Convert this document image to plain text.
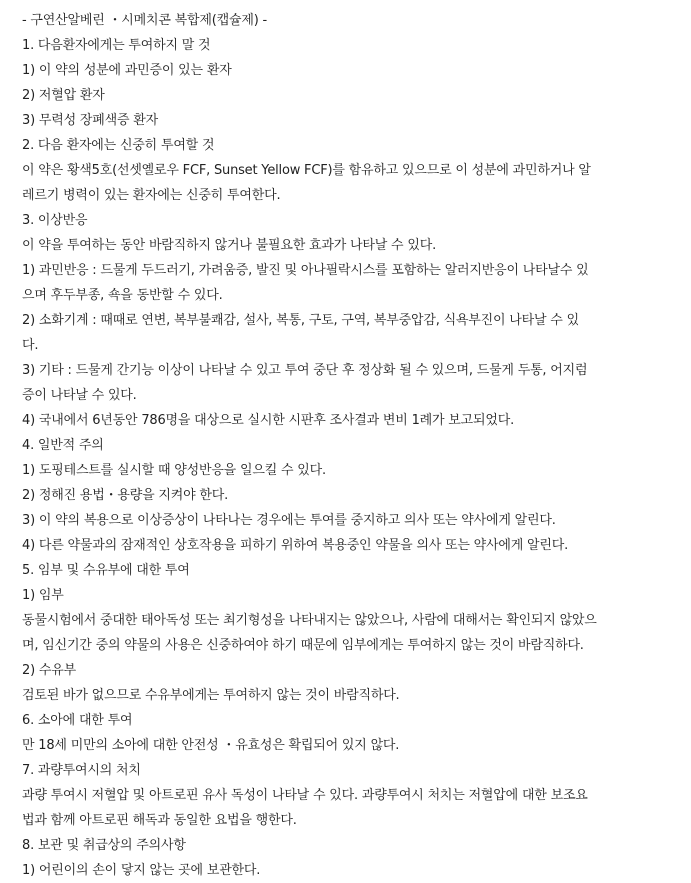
- 구연산알베린 ・시메치콘 복합제(캡슐제) -
1. 다음환자에게는 투여하지 말 것
1) 이 약의 성분에 과민증이 있는 환자
2) 저혈압 환자
3) 무력성 장폐색증 환자
2. 다음 환자에는 신중히 투여할 것
이 약은 황색5호(선셋옐로우 FCF, Sunset Yellow FCF)를 함유하고 있으므로 이 성분에 과민하거나 알
레르기 병력이 있는 환자에는 신중히 투여한다.
3. 이상반응
이 약을 투여하는 동안 바람직하지 않거나 불필요한 효과가 나타날 수 있다.
1) 과민반응 : 드물게 두드러기, 가려움증, 발진 및 아나필락시스를 포함하는 알러지반응이 나타날수 있
으며 후두부종, 쇽을 동반할 수 있다.
2) 소화기계 : 때때로 연변, 복부불쾌감, 설사, 복통, 구토, 구역, 복부중압감, 식욕부진이 나타날 수 있
다.
3) 기타 : 드물게 간기능 이상이 나타날 수 있고 투여 중단 후 정상화 될 수 있으며, 드물게 두통, 어지럼
증이 나타날 수 있다.
4) 국내에서 6년동안 786명을 대상으로 실시한 시판후 조사결과 변비 1례가 보고되었다.
4. 일반적 주의
1) 도핑테스트를 실시할 때 양성반응을 일으킬 수 있다.
2) 정해진 용법・용량을 지켜야 한다.
3) 이 약의 복용으로 이상증상이 나타나는 경우에는 투여를 중지하고 의사 또는 약사에게 알린다.
4) 다른 약물과의 잠재적인 상호작용을 피하기 위하여 복용중인 약물을 의사 또는 약사에게 알린다.
5. 임부 및 수유부에 대한 투여
1) 임부
동물시험에서 중대한 태아독성 또는 최기형성을 나타내지는 않았으나, 사람에 대해서는 확인되지 않았으
며, 임신기간 중의 약물의 사용은 신중하여야 하기 때문에 임부에게는 투여하지 않는 것이 바람직하다.
2) 수유부
검토된 바가 없으므로 수유부에게는 투여하지 않는 것이 바람직하다.
6. 소아에 대한 투여
만 18세 미만의 소아에 대한 안전성 ・유효성은 확립되어 있지 않다.
7. 과량투여시의 처치
과량 투여시 저혈압 및 아트로핀 유사 독성이 나타날 수 있다. 과량투여시 처치는 저혈압에 대한 보조요
법과 함께 아트로핀 해독과 동일한 요법을 행한다.
8. 보관 및 취급상의 주의사항
1) 어린이의 손이 닿지 않는 곳에 보관한다.
